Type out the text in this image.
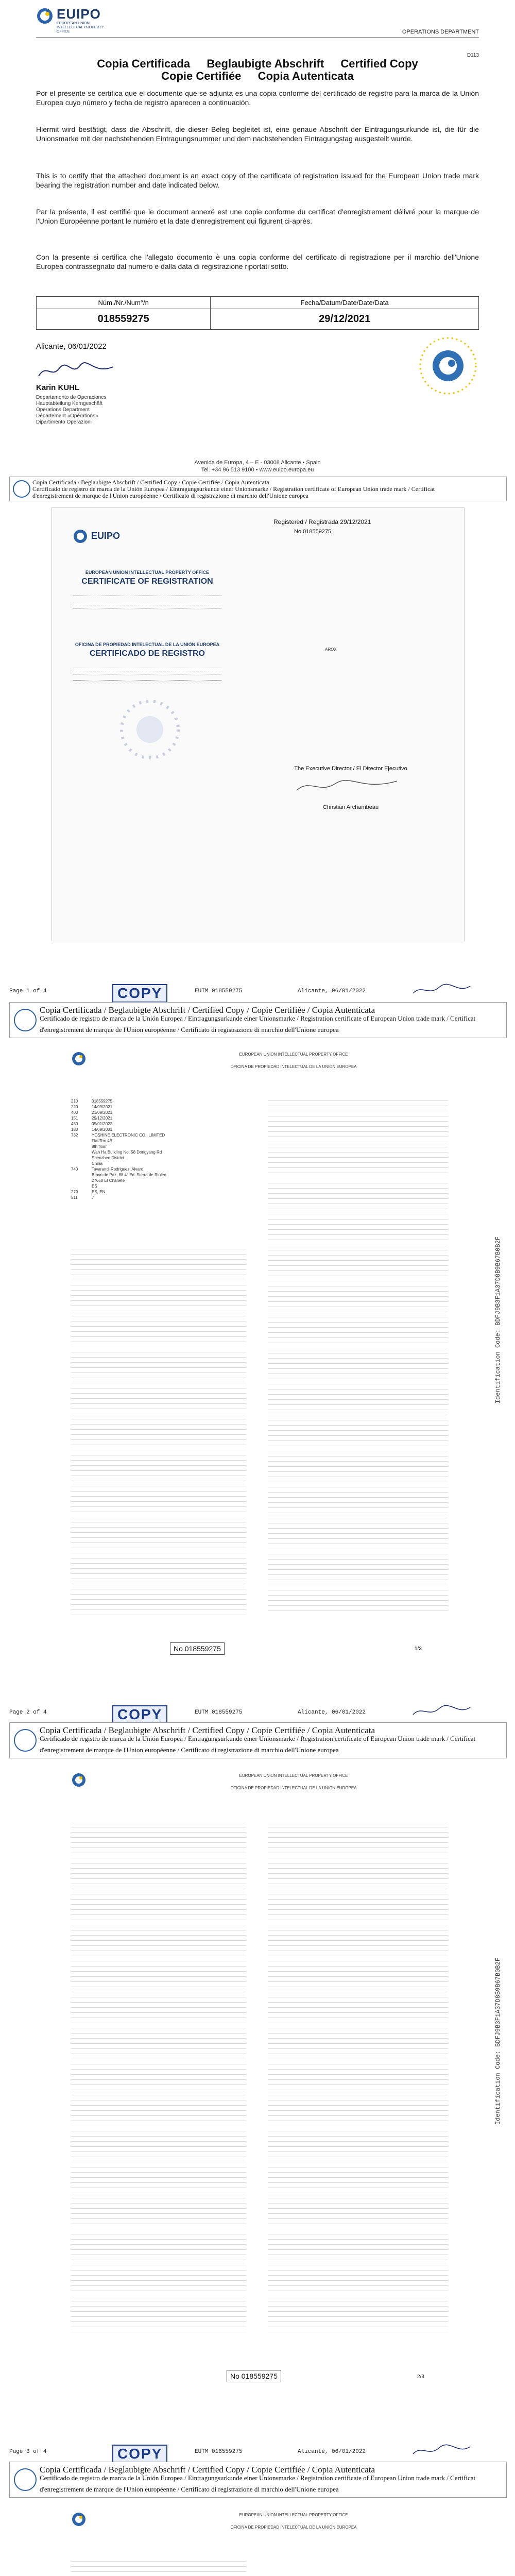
EUIPO
EUROPEAN UNION INTELLECTUAL PROPERTY OFFICE	OPERATIONS DEPARTMENT
D113
Copia Certificada Beglaubigte Abschrift Certified Copy
Copie Certifiée Copia Autenticata
Por el presente se certifica que el documento que se adjunta es una copia conforme del certificado de registro para la marca de la Unión Europea cuyo número y fecha de registro aparecen a continuación.
Hiermit wird bestätigt, dass die Abschrift, die dieser Beleg begleitet ist, eine genaue Abschrift der Eintragungsurkunde ist, die für die Unionsmarke mit der nachstehenden Eintragungsnummer und dem nachstehenden Eintragungstag ausgestellt wurde.
This is to certify that the attached document is an exact copy of the certificate of registration issued for the European Union trade mark bearing the registration number and date indicated below.
Par la présente, il est certifié que le document annexé est une copie conforme du certificat d'enregistrement délivré pour la marque de l'Union Européenne portant le numéro et la date d'enregistrement qui figurent ci-après.
Con la presente si certifica che l'allegato documento è una copia conforme del certificato di registrazione per il marchio dell'Unione Europea contrassegnato dal numero e dalla data di registrazione riportati sotto.
Núm./Nr./Num°/n	Fecha/Datum/Date/Date/Data
018559275	29/12/2021
Alicante, 06/01/2022
Karin KUHL
Departamento de Operaciones
Hauptabteilung Kerngeschäft
Operations Department
Département «Opérations»
Dipartimento Operazioni
Avenida de Europa, 4 – E - 03008 Alicante • Spain
Tel. +34 96 513 9100 • www.euipo.europa.eu
Copia Certificada / Beglaubigte Abschrift / Certified Copy / Copie Certifiée / Copia Autenticata
Certificado de registro de marca de la Unión Europea / Eintragungsurkunde einer Unionsmarke / Registration certificate of European Union trade mark / Certificat
d'enregistrement de marque de l'Union européenne / Certificato di registrazione di marchio dell'Unione europea
Registered / Registrada 29/12/2021
No 018559275
EUIPO
EUROPEAN UNION INTELLECTUAL PROPERTY OFFICE
CERTIFICATE OF REGISTRATION
OFICINA DE PROPIEDAD INTELECTUAL DE LA UNIÓN EUROPEA
CERTIFICADO DE REGISTRO	AROX
The Executive Director / El Director Ejecutivo
Christian Archambeau
Page 1 of 4	COPY	EUTM 018559275	Alicante, 06/01/2022
Copia Certificada / Beglaubigte Abschrift / Certified Copy / Copie Certifiée / Copia Autenticata
Certificado de registro de marca de la Unión Europea / Eintragungsurkunde einer Unionsmarke / Registration certificate of European Union trade mark / Certificat
d'enregistrement de marque de l'Union européenne / Certificato di registrazione di marchio dell'Unione europea
EUROPEAN UNION INTELLECTUAL PROPERTY OFFICE
OFICINA DE PROPIEDAD INTELECTUAL DE LA UNIÓN EUROPEA
210	018559275
220	14/09/2021
400	21/09/2021
151	29/12/2021
450	05/01/2022
180	14/09/2031
732	YOSHINE ELECTRONIC CO., LIMITED
Flat/Rm 4B
8th floor
Wah Ha Building No. 58 Dongyang Rd
Shenzhen District
China
740	Tavarandi Rodriguez, Alvaro
Bravo de Paz, 88 4º Ed. Sierra de Rioleo
27660 El Chanete
ES
270	ES, EN
511	7
No 018559275	1/3
Page 2 of 4	COPY	EUTM 018559275	Alicante, 06/01/2022
Copia Certificada / Beglaubigte Abschrift / Certified Copy / Copie Certifiée / Copia Autenticata
Certificado de registro de marca de la Unión Europea / Eintragungsurkunde einer Unionsmarke / Registration certificate of European Union trade mark / Certificat
d'enregistrement de marque de l'Union européenne / Certificato di registrazione di marchio dell'Unione europea
EUROPEAN UNION INTELLECTUAL PROPERTY OFFICE
OFICINA DE PROPIEDAD INTELECTUAL DE LA UNIÓN EUROPEA
No 018559275	2/3
Page 3 of 4	COPY	EUTM 018559275	Alicante, 06/01/2022
Copia Certificada / Beglaubigte Abschrift / Certified Copy / Copie Certifiée / Copia Autenticata
Certificado de registro de marca de la Unión Europea / Eintragungsurkunde einer Unionsmarke / Registration certificate of European Union trade mark / Certificat
d'enregistrement de marque de l'Union européenne / Certificato di registrazione di marchio dell'Unione europea
EUROPEAN UNION INTELLECTUAL PROPERTY OFFICE
OFICINA DE PROPIEDAD INTELECTUAL DE LA UNIÓN EUROPEA
Identification Code: BDFJ9B3F1A37D8B9B67B0B2F
Identification Code: BDFJ9B3F1A37D8B9B67B0B2F
